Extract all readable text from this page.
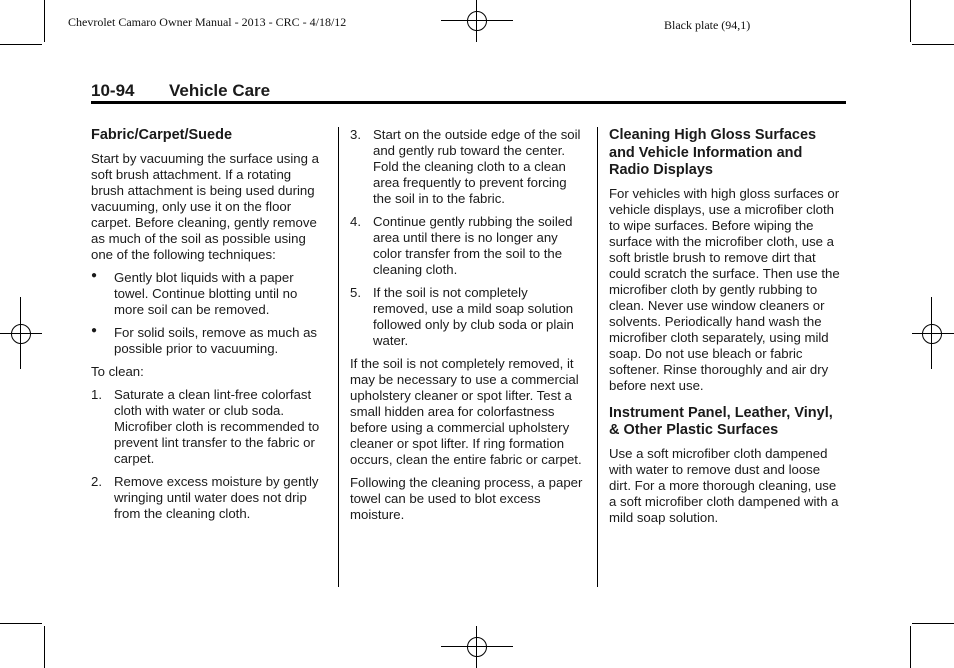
Chevrolet Camaro Owner Manual - 2013 - CRC - 4/18/12	Black plate (94,1)
10-94 Vehicle Care
Fabric/Carpet/Suede

Start by vacuuming the surface using a soft brush attachment. If a rotating brush attachment is being used during vacuuming, only use it on the floor carpet. Before cleaning, gently remove as much of the soil as possible using one of the following techniques:

● Gently blot liquids with a paper towel. Continue blotting until no more soil can be removed.
● For solid soils, remove as much as possible prior to vacuuming.

To clean:

1. Saturate a clean lint-free colorfast cloth with water or club soda. Microfiber cloth is recommended to prevent lint transfer to the fabric or carpet.
2. Remove excess moisture by gently wringing until water does not drip from the cleaning cloth.
3. Start on the outside edge of the soil and gently rub toward the center. Fold the cleaning cloth to a clean area frequently to prevent forcing the soil in to the fabric.
4. Continue gently rubbing the soiled area until there is no longer any color transfer from the soil to the cleaning cloth.
5. If the soil is not completely removed, use a mild soap solution followed only by club soda or plain water.

If the soil is not completely removed, it may be necessary to use a commercial upholstery cleaner or spot lifter. Test a small hidden area for colorfastness before using a commercial upholstery cleaner or spot lifter. If ring formation occurs, clean the entire fabric or carpet.

Following the cleaning process, a paper towel can be used to blot excess moisture.

Cleaning High Gloss Surfaces and Vehicle Information and Radio Displays

For vehicles with high gloss surfaces or vehicle displays, use a microfiber cloth to wipe surfaces. Before wiping the surface with the microfiber cloth, use a soft bristle brush to remove dirt that could scratch the surface. Then use the microfiber cloth by gently rubbing to clean. Never use window cleaners or solvents. Periodically hand wash the microfiber cloth separately, using mild soap. Do not use bleach or fabric softener. Rinse thoroughly and air dry before next use.

Instrument Panel, Leather, Vinyl, & Other Plastic Surfaces

Use a soft microfiber cloth dampened with water to remove dust and loose dirt. For a more thorough cleaning, use a soft microfiber cloth dampened with a mild soap solution.
